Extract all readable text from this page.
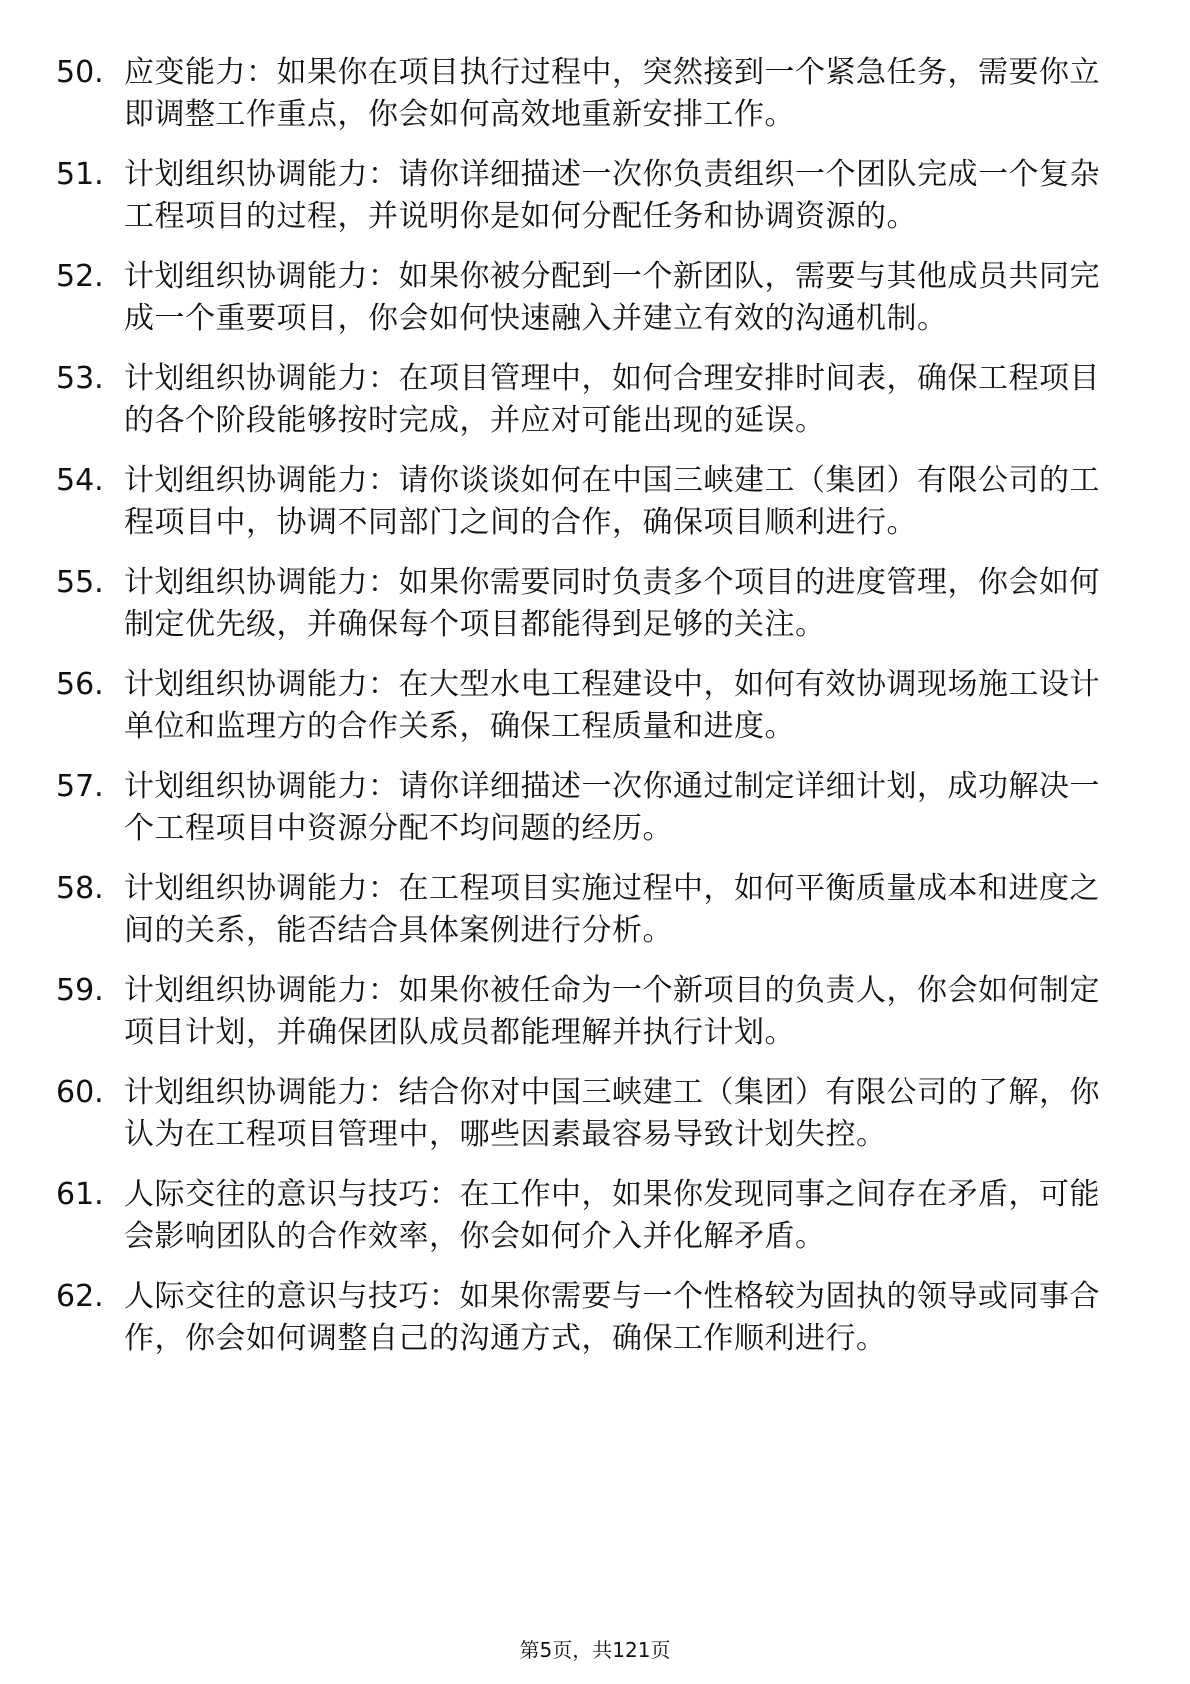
50. 应变能力：如果你在项目执行过程中，突然接到一个紧急任务，需要你立即调整工作重点，你会如何高效地重新安排工作。
51. 计划组织协调能力：请你详细描述一次你负责组织一个团队完成一个复杂工程项目的过程，并说明你是如何分配任务和协调资源的。
52. 计划组织协调能力：如果你被分配到一个新团队，需要与其他成员共同完成一个重要项目，你会如何快速融入并建立有效的沟通机制。
53. 计划组织协调能力：在项目管理中，如何合理安排时间表，确保工程项目的各个阶段能够按时完成，并应对可能出现的延误。
54. 计划组织协调能力：请你谈谈如何在中国三峡建工（集团）有限公司的工程项目中，协调不同部门之间的合作，确保项目顺利进行。
55. 计划组织协调能力：如果你需要同时负责多个项目的进度管理，你会如何制定优先级，并确保每个项目都能得到足够的关注。
56. 计划组织协调能力：在大型水电工程建设中，如何有效协调现场施工设计单位和监理方的合作关系，确保工程质量和进度。
57. 计划组织协调能力：请你详细描述一次你通过制定详细计划，成功解决一个工程项目中资源分配不均问题的经历。
58. 计划组织协调能力：在工程项目实施过程中，如何平衡质量成本和进度之间的关系，能否结合具体案例进行分析。
59. 计划组织协调能力：如果你被任命为一个新项目的负责人，你会如何制定项目计划，并确保团队成员都能理解并执行计划。
60. 计划组织协调能力：结合你对中国三峡建工（集团）有限公司的了解，你认为在工程项目管理中，哪些因素最容易导致计划失控。
61. 人际交往的意识与技巧：在工作中，如果你发现同事之间存在矛盾，可能会影响团队的合作效率，你会如何介入并化解矛盾。
62. 人际交往的意识与技巧：如果你需要与一个性格较为固执的领导或同事合作，你会如何调整自己的沟通方式，确保工作顺利进行。
第5页，共121页
